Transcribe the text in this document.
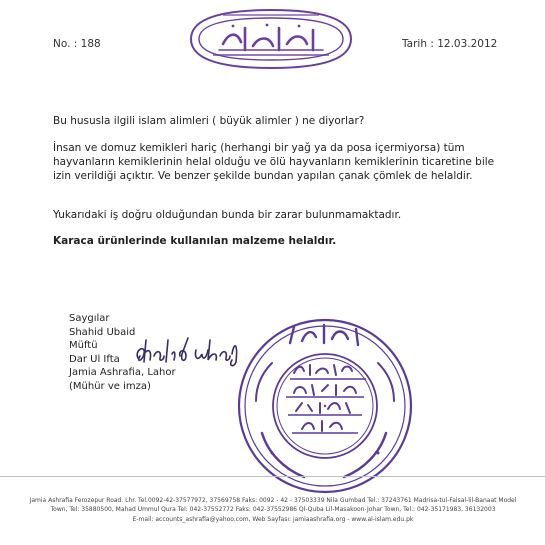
No. : 188	Tarih : 12.03.2012
Bu hususla ilgili islam alimleri ( büyük alimler ) ne diyorlar?
İnsan ve domuz kemikleri hariç (herhangi bir yağ ya da posa içermiyorsa) tüm hayvanların kemiklerinin helal olduğu ve ölü hayvanların kemiklerinin ticaretine bile izin verildiği açıktır. Ve benzer şekilde bundan yapılan çanak çömlek de helaldir.
Yukarıdaki iş doğru olduğundan bunda bir zarar bulunmamaktadır.
Karaca ürünlerinde kullanılan malzeme helaldır.
Saygılar
Shahid Ubaid
Müftü
Dar Ul Ifta
Jamia Ashrafia, Lahor
(Mühür ve imza)
Jamia Ashrafia Ferozepur Road. Lhr. Tel.0092-42-37577972, 37569758 Faks: 0092 - 42 - 37503339 Nila Gumbad Tel.: 37243761 Madrisa-tul-Faisal-lil-Banaat Model
Town, Tel: 35880500, Mahad Ummul Qura Tel: 042-37552772 Faks: 042-37552986 Ql-Quba Lil-Masakoon-Johar Town, Tel.: 042-35171983, 36132003
E-mail: accounts_ashrafia@yahoo.com, Web Sayfası: jamiaashrafia.org - www.al-islam.edu.pk
